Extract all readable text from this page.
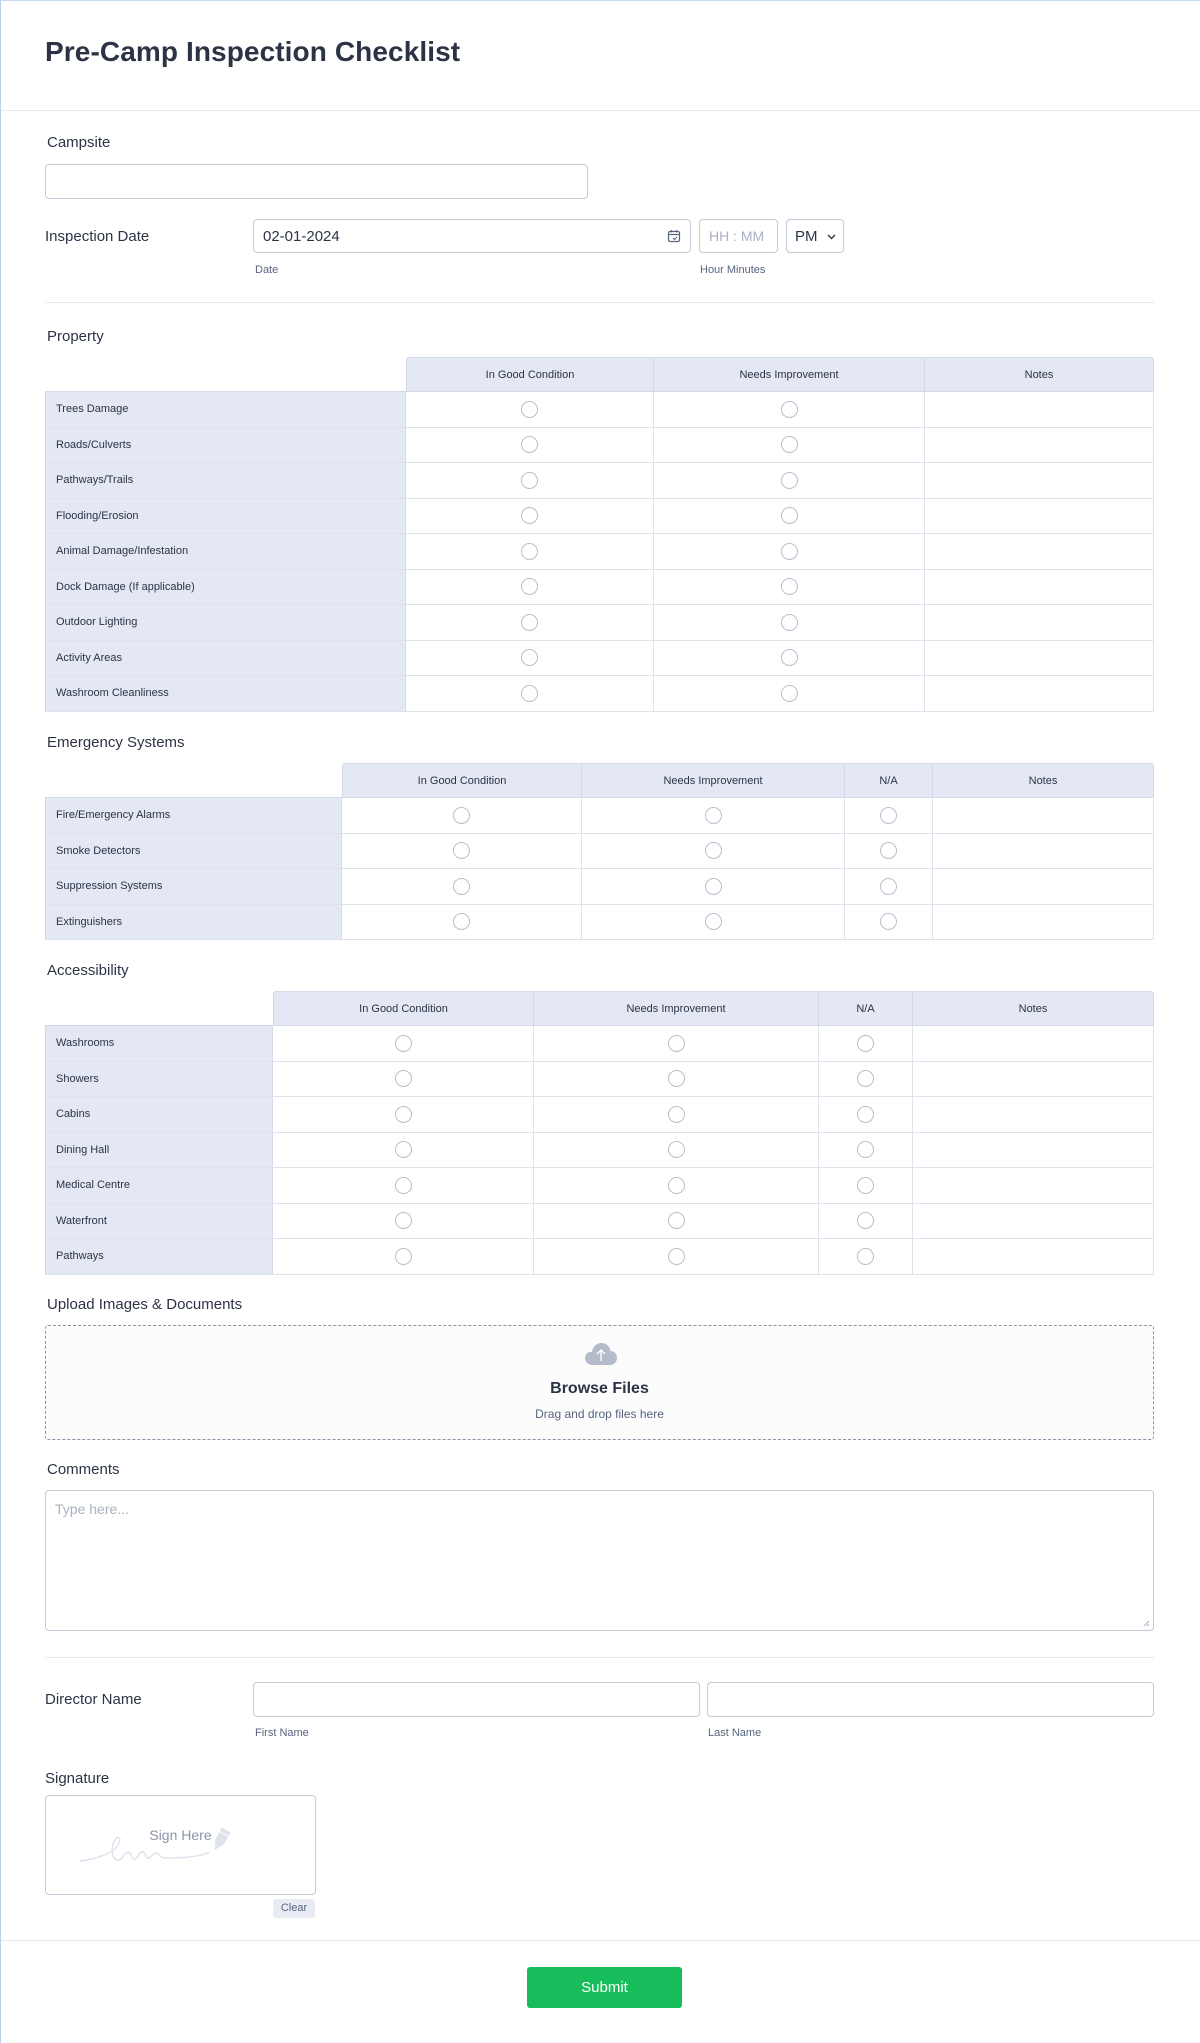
Pre-Camp Inspection Checklist
Campsite
Inspection Date	02-01-2024
Date
HH : MM
Hour Minutes
PM
Property
	In Good Condition	Needs Improvement	Notes
Trees Damage			
Roads/Culverts			
Pathways/Trails			
Flooding/Erosion			
Animal Damage/Infestation			
Dock Damage (If applicable)			
Outdoor Lighting			
Activity Areas			
Washroom Cleanliness			
Emergency Systems
	In Good Condition	Needs Improvement	N/A	Notes
Fire/Emergency Alarms				
Smoke Detectors				
Suppression Systems				
Extinguishers				
Accessibility
	In Good Condition	Needs Improvement	N/A	Notes
Washrooms				
Showers				
Cabins				
Dining Hall				
Medical Centre				
Waterfront				
Pathways				
Upload Images & Documents
Browse Files
Drag and drop files here
Comments
Type here...
Director Name
First Name	Last Name
Signature
Sign Here
Clear
Submit
